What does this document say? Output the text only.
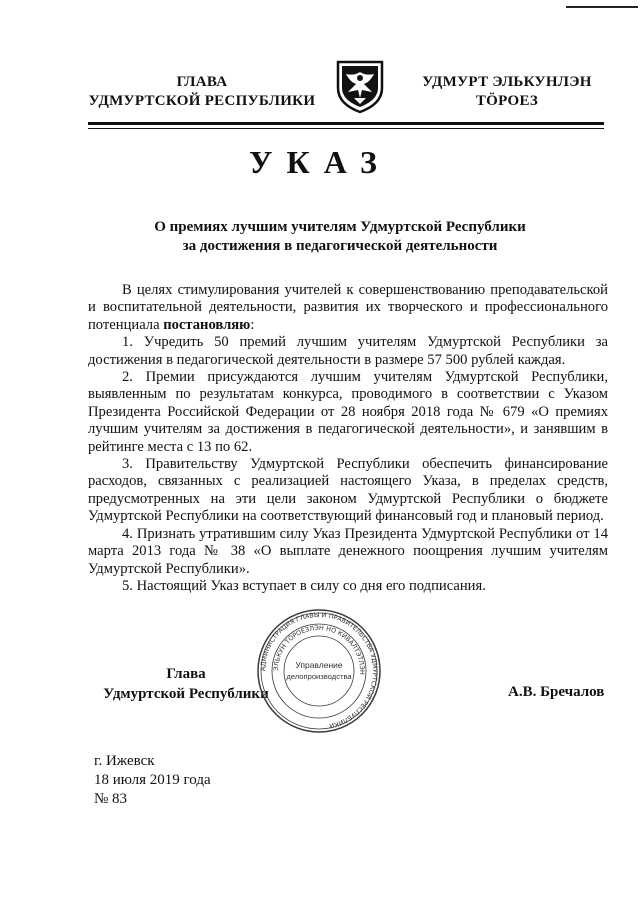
ГЛАВА
УДМУРТСКОЙ РЕСПУБЛИКИ
УДМУРТ ЭЛЬКУНЛЭН
ТӦРОЕЗ
УКАЗ
О премиях лучшим учителям Удмуртской Республики
за достижения в педагогической деятельности

В целях стимулирования учителей к совершенствованию преподавательской и воспитательной деятельности, развития их творческого и профессионального потенциала постановляю:

1. Учредить 50 премий лучшим учителям Удмуртской Республики за достижения в педагогической деятельности в размере 57 500 рублей каждая.

2. Премии присуждаются лучшим учителям Удмуртской Республики, выявленным по результатам конкурса, проводимого в соответствии с Указом Президента Российской Федерации от 28 ноября 2018 года № 679 «О премиях лучшим учителям за достижения в педагогической деятельности», и занявшим в рейтинге места с 13 по 62.

3. Правительству Удмуртской Республики обеспечить финансирование расходов, связанных с реализацией настоящего Указа, в пределах средств, предусмотренных на эти цели законом Удмуртской Республики о бюджете Удмуртской Республики на соответствующий финансовый год и плановый период.

4. Признать утратившим силу Указ Президента Удмуртской Республики от 14 марта 2013 года № 38 «О выплате денежного поощрения лучшим учителям Удмуртской Республики».

5. Настоящий Указ вступает в силу со дня его подписания.

Глава
Удмуртской Республики
АДМИНИСТРАЦИЯ ГЛАВЫ И ПРАВИТЕЛЬСТВА УДМУРТСКОЙ РЕСПУБЛИКИ
ЭЛЬКУН ТӦРОЕЗЛЭН НО КИВАЛТЭТЛЭН
Управление
делопроизводства
А.В. Бречалов
г. Ижевск
18 июля 2019 года
№ 83
